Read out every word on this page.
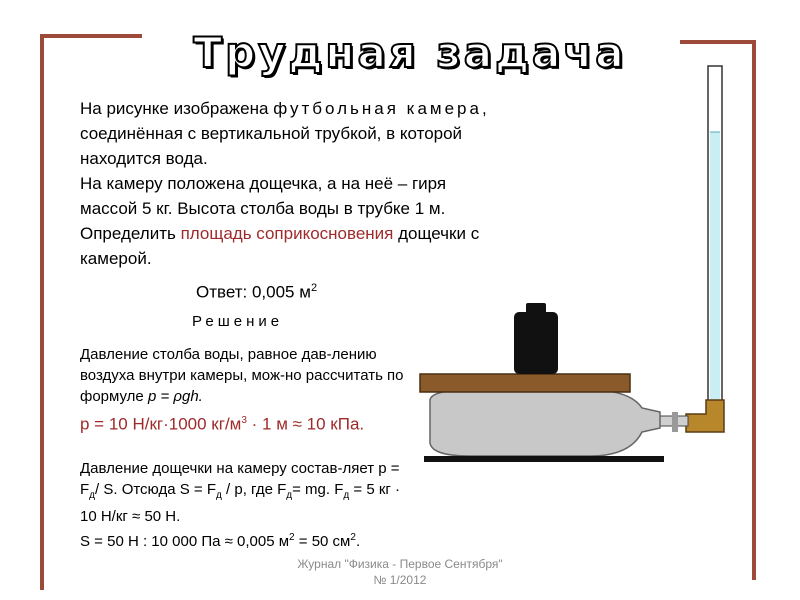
Трудная задача
На рисунке изображена футбольная камера, соединённая с вертикальной трубкой, в которой находится вода.
На камеру положена дощечка, а на неё – гиря массой 5 кг. Высота столба воды в трубке 1 м. Определить площадь соприкосновения дощечки с камерой.
Ответ: 0,005 $м^2$
Решение
Давление столба воды, равное дав-лению воздуха внутри камеры, мож-но рассчитать по формуле p = ρgh.
p = 10 Н/кг·1000 $кг/м^3 \cdot 1$ м ≈ 10 кПа.
Давление дощечки на камеру состав-ляет $p = F_д/$ S. Отсюда $S = F_д / p$, где $F_д=$ mg. $F_д = 5$ кг · 10 Н/кг ≈ 50 Н.
S = 50 Н : 10 000 Па ≈ 0,005 $м^2 = 50$ $см^2$.
Журнал "Физика - Первое Сентября"
№ 1/2012
